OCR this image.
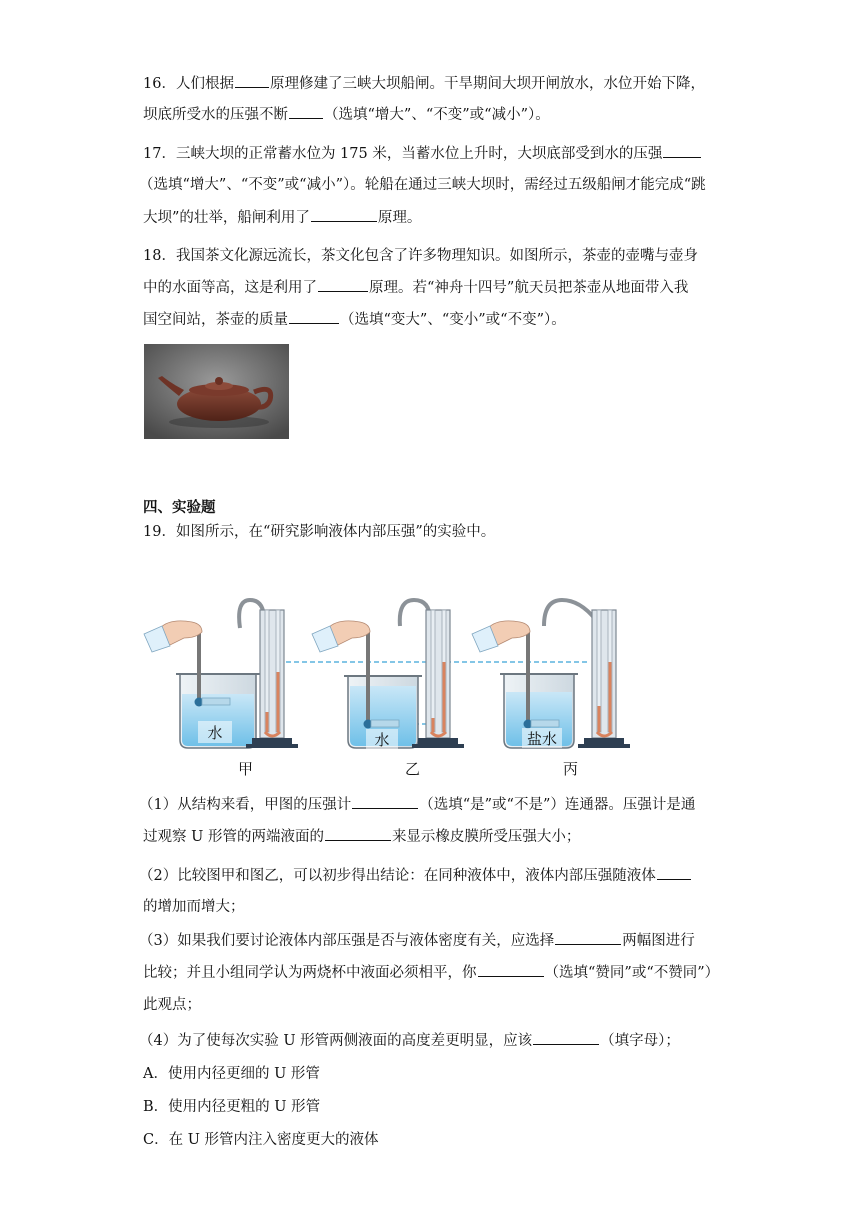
16．人们根据 原理修建了三峡大坝船闸。干旱期间大坝开闸放水，水位开始下降，
坝底所受水的压强不断 （选填“增大”、“不变”或“减小”）。
17．三峡大坝的正常蓄水位为 175 米，当蓄水位上升时，大坝底部受到水的压强
（选填“增大”、“不变”或“减小”）。轮船在通过三峡大坝时，需经过五级船闸才能完成“跳
大坝”的壮举，船闸利用了	原理。
18．我国茶文化源远流长，茶文化包含了许多物理知识。如图所示，茶壶的壶嘴与壶身
中的水面等高，这是利用了	原理。若“神舟十四号”航天员把茶壶从地面带入我
国空间站，茶壶的质量	（选填“变大”、“变小”或“不变”）。
四、实验题
19．如图所示，在“研究影响液体内部压强”的实验中。
水	水	盐水
甲	乙	丙
（1）从结构来看，甲图的压强计	（选填“是”或“不是”）连通器。压强计是通
过观察 U 形管的两端液面的	来显示橡皮膜所受压强大小；
（2）比较图甲和图乙，可以初步得出结论：在同种液体中，液体内部压强随液体
的增加而增大；
（3）如果我们要讨论液体内部压强是否与液体密度有关，应选择	两幅图进行
比较；并且小组同学认为两烧杯中液面必须相平，你	（选填“赞同”或“不赞同”）
此观点；
（4）为了使每次实验 U 形管两侧液面的高度差更明显，应该	（填字母）；
A．使用内径更细的 U 形管
B．使用内径更粗的 U 形管
C．在 U 形管内注入密度更大的液体
